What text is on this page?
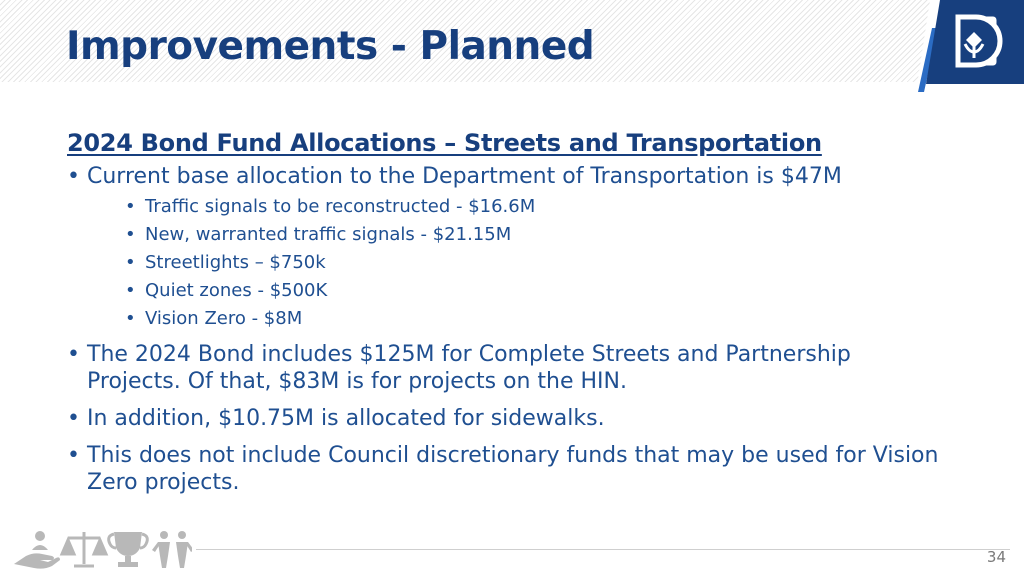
Improvements - Planned
2024 Bond Fund Allocations – Streets and Transportation
• Current base allocation to the Department of Transportation is $47M
• Traffic signals to be reconstructed - $16.6M
• New, warranted traffic signals - $21.15M
• Streetlights – $750k
• Quiet zones - $500K
• Vision Zero - $8M
• The 2024 Bond includes $125M for Complete Streets and Partnership Projects. Of that, $83M is for projects on the HIN.
• In addition, $10.75M is allocated for sidewalks.
• This does not include Council discretionary funds that may be used for Vision Zero projects.
34
